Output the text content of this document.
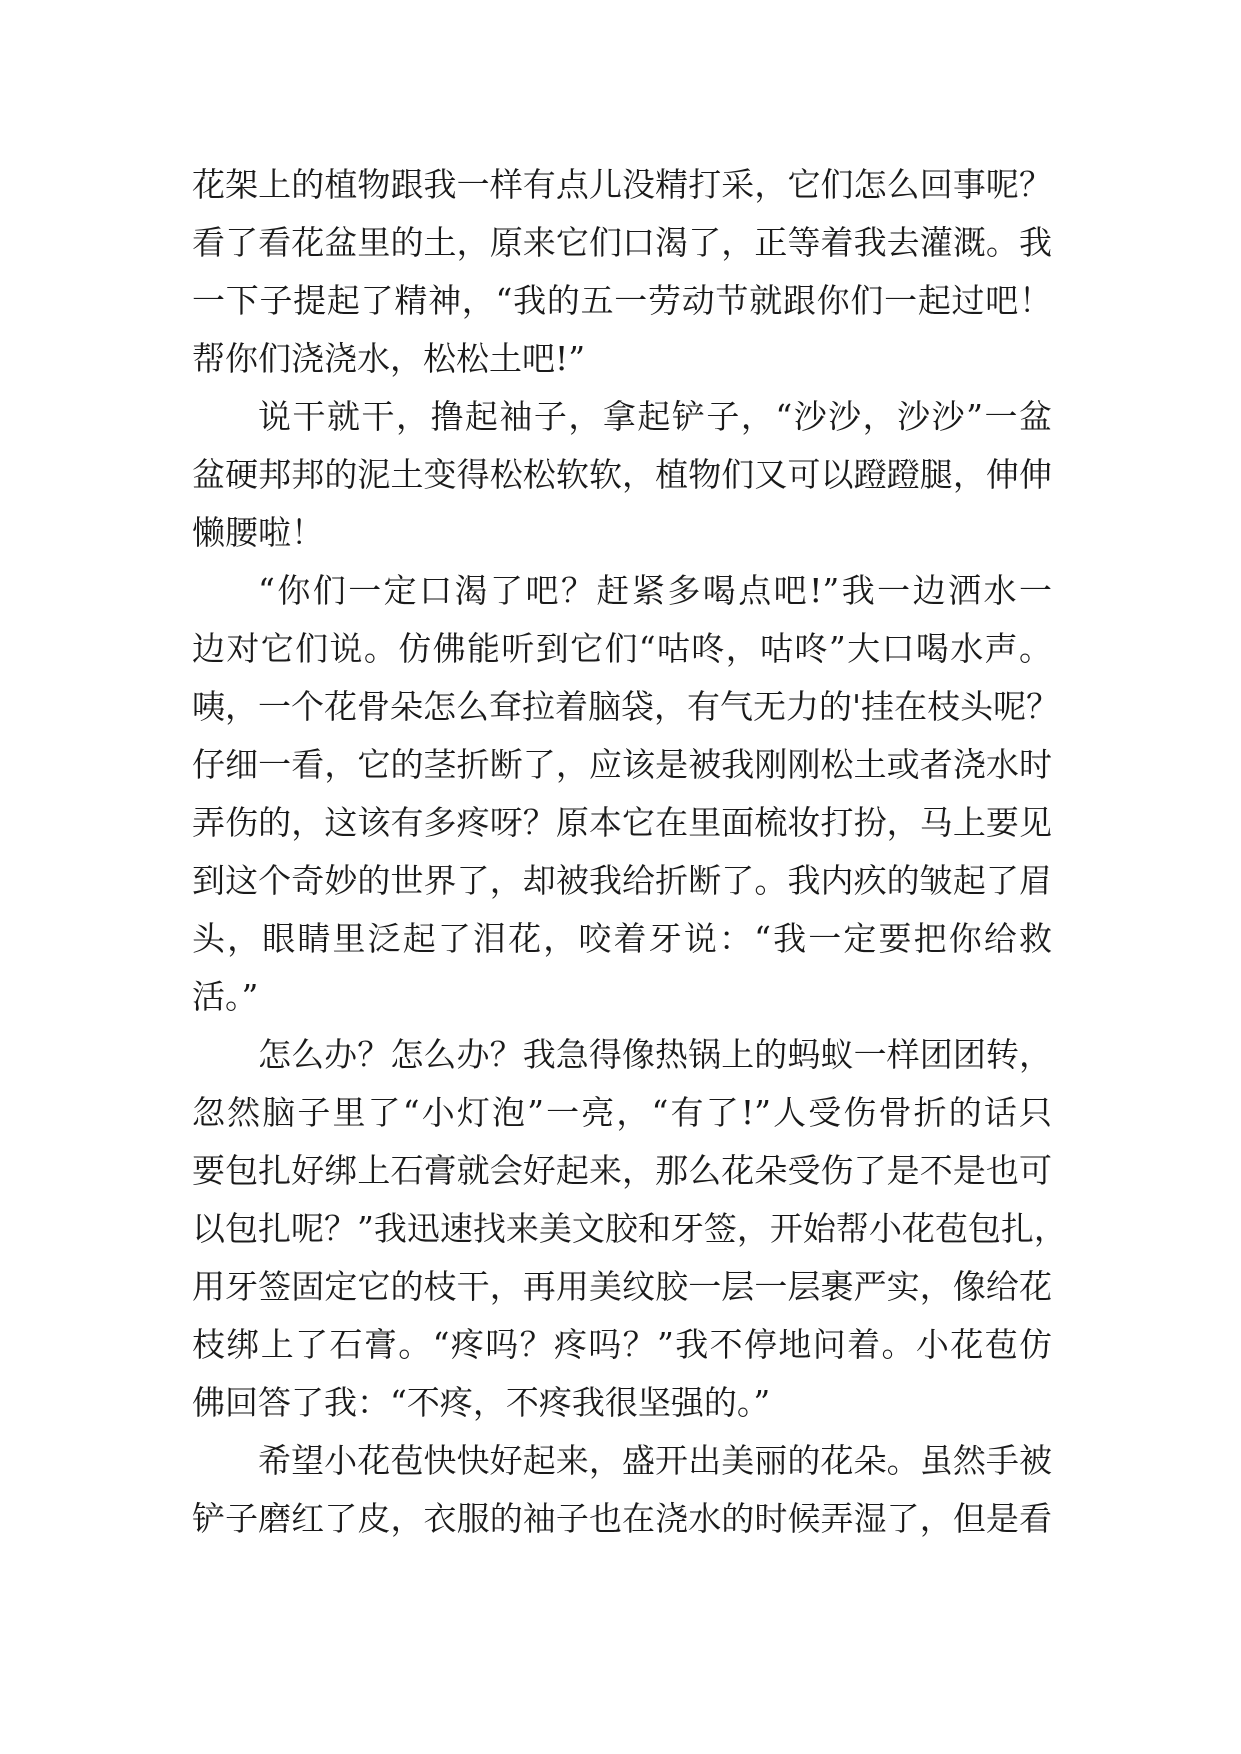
花架上的植物跟我一样有点儿没精打采，它们怎么回事呢？
看了看花盆里的土，原来它们口渴了，正等着我去灌溉。我
一下子提起了精神，“我的五一劳动节就跟你们一起过吧！
帮你们浇浇水，松松土吧!”
说干就干，撸起袖子，拿起铲子，“沙沙，沙沙”一盆
盆硬邦邦的泥土变得松松软软，植物们又可以蹬蹬腿，伸伸
懒腰啦！
“你们一定口渴了吧？赶紧多喝点吧!”我一边洒水一
边对它们说。仿佛能听到它们“咕咚，咕咚”大口喝水声。
咦，一个花骨朵怎么耷拉着脑袋，有气无力的'挂在枝头呢？
仔细一看，它的茎折断了，应该是被我刚刚松土或者浇水时
弄伤的，这该有多疼呀？原本它在里面梳妆打扮，马上要见
到这个奇妙的世界了，却被我给折断了。我内疚的皱起了眉
头，眼睛里泛起了泪花，咬着牙说：“我一定要把你给救
活。”
怎么办？怎么办？我急得像热锅上的蚂蚁一样团团转，
忽然脑子里了“小灯泡”一亮，“有了!”人受伤骨折的话只
要包扎好绑上石膏就会好起来，那么花朵受伤了是不是也可
以包扎呢？”我迅速找来美文胶和牙签，开始帮小花苞包扎，
用牙签固定它的枝干，再用美纹胶一层一层裹严实，像给花
枝绑上了石膏。“疼吗？疼吗？”我不停地问着。小花苞仿
佛回答了我：“不疼，不疼我很坚强的。”
希望小花苞快快好起来，盛开出美丽的花朵。虽然手被
铲子磨红了皮，衣服的袖子也在浇水的时候弄湿了，但是看
